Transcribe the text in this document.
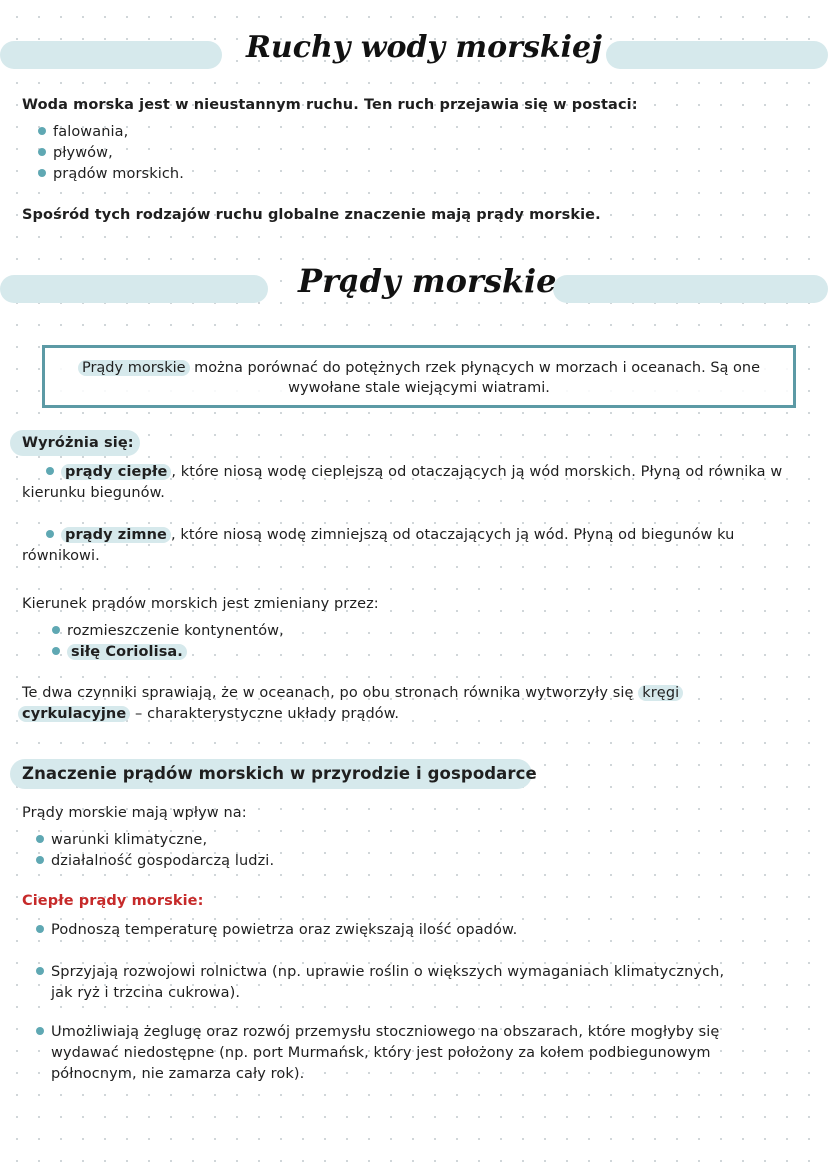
Ruchy wody morskiej
Woda morska jest w nieustannym ruchu. Ten ruch przejawia się w postaci:
falowania,
pływów,
prądów morskich.
Spośród tych rodzajów ruchu globalne znaczenie mają prądy morskie.
Prądy morskie

Prądy morskie można porównać do potężnych rzek płynących w morzach i oceanach. Są one

wywołane stale wiejącymi wiatrami.

Wyróżnia się:
prądy ciepłe , które niosą wodę cieplejszą od otaczających ją wód morskich. Płyną od równika w
kierunku biegunów.
prądy zimne , które niosą wodę zimniejszą od otaczających ją wód. Płyną od biegunów ku
równikowi.
Kierunek prądów morskich jest zmieniany przez:
rozmieszczenie kontynentów,
siłę Coriolisa.
Te dwa czynniki sprawiają, że w oceanach, po obu stronach równika wytworzyły się kręgi
cyrkulacyjne – charakterystyczne układy prądów.
Znaczenie prądów morskich w przyrodzie i gospodarce
Prądy morskie mają wpływ na:
warunki klimatyczne,
działalność gospodarczą ludzi.
Ciepłe prądy morskie:
Podnoszą temperaturę powietrza oraz zwiększają ilość opadów.
Sprzyjają rozwojowi rolnictwa (np. uprawie roślin o większych wymaganiach klimatycznych,
jak ryż i trzcina cukrowa).
Umożliwiają żeglugę oraz rozwój przemysłu stoczniowego na obszarach, które mogłyby się
wydawać niedostępne (np. port Murmańsk, który jest położony za kołem podbiegunowym
północnym, nie zamarza cały rok).
